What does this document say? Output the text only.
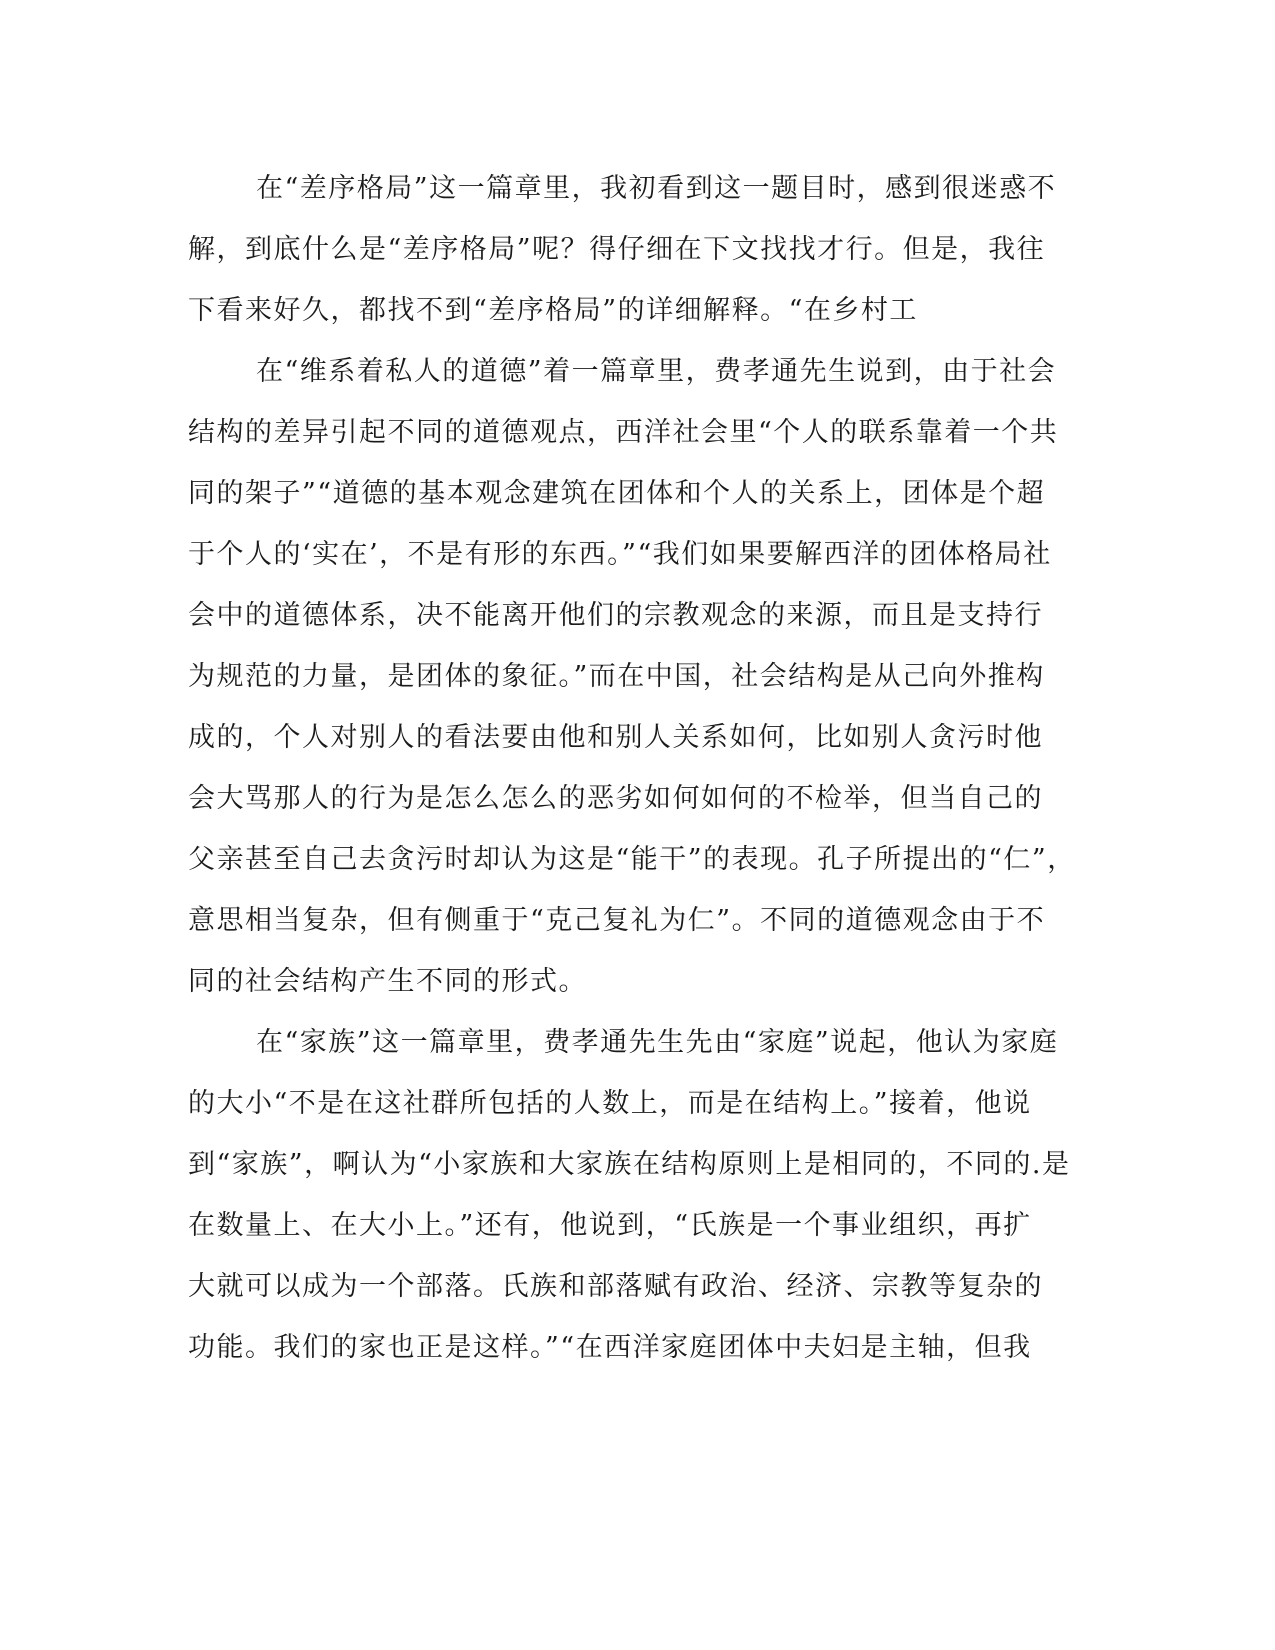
在“差序格局”这一篇章里，我初看到这一题目时，感到很迷惑不
解，到底什么是“差序格局”呢？得仔细在下文找找才行。但是，我往
下看来好久，都找不到“差序格局”的详细解释。“在乡村工
在“维系着私人的道德”着一篇章里，费孝通先生说到，由于社会
结构的差异引起不同的道德观点，西洋社会里“个人的联系靠着一个共
同的架子”“道德的基本观念建筑在团体和个人的关系上，团体是个超
于个人的‘实在’，不是有形的东西。”“我们如果要解西洋的团体格局社
会中的道德体系，决不能离开他们的宗教观念的来源，而且是支持行
为规范的力量，是团体的象征。”而在中国，社会结构是从己向外推构
成的，个人对别人的看法要由他和别人关系如何，比如别人贪污时他
会大骂那人的行为是怎么怎么的恶劣如何如何的不检举，但当自己的
父亲甚至自己去贪污时却认为这是“能干”的表现。孔子所提出的“仁”，
意思相当复杂，但有侧重于“克己复礼为仁”。不同的道德观念由于不
同的社会结构产生不同的形式。
在“家族”这一篇章里，费孝通先生先由“家庭”说起，他认为家庭
的大小“不是在这社群所包括的人数上，而是在结构上。”接着，他说
到“家族”，啊认为“小家族和大家族在结构原则上是相同的，不同的.是
在数量上、在大小上。”还有，他说到，“氏族是一个事业组织，再扩
大就可以成为一个部落。氏族和部落赋有政治、经济、宗教等复杂的
功能。我们的家也正是这样。”“在西洋家庭团体中夫妇是主轴，但我
